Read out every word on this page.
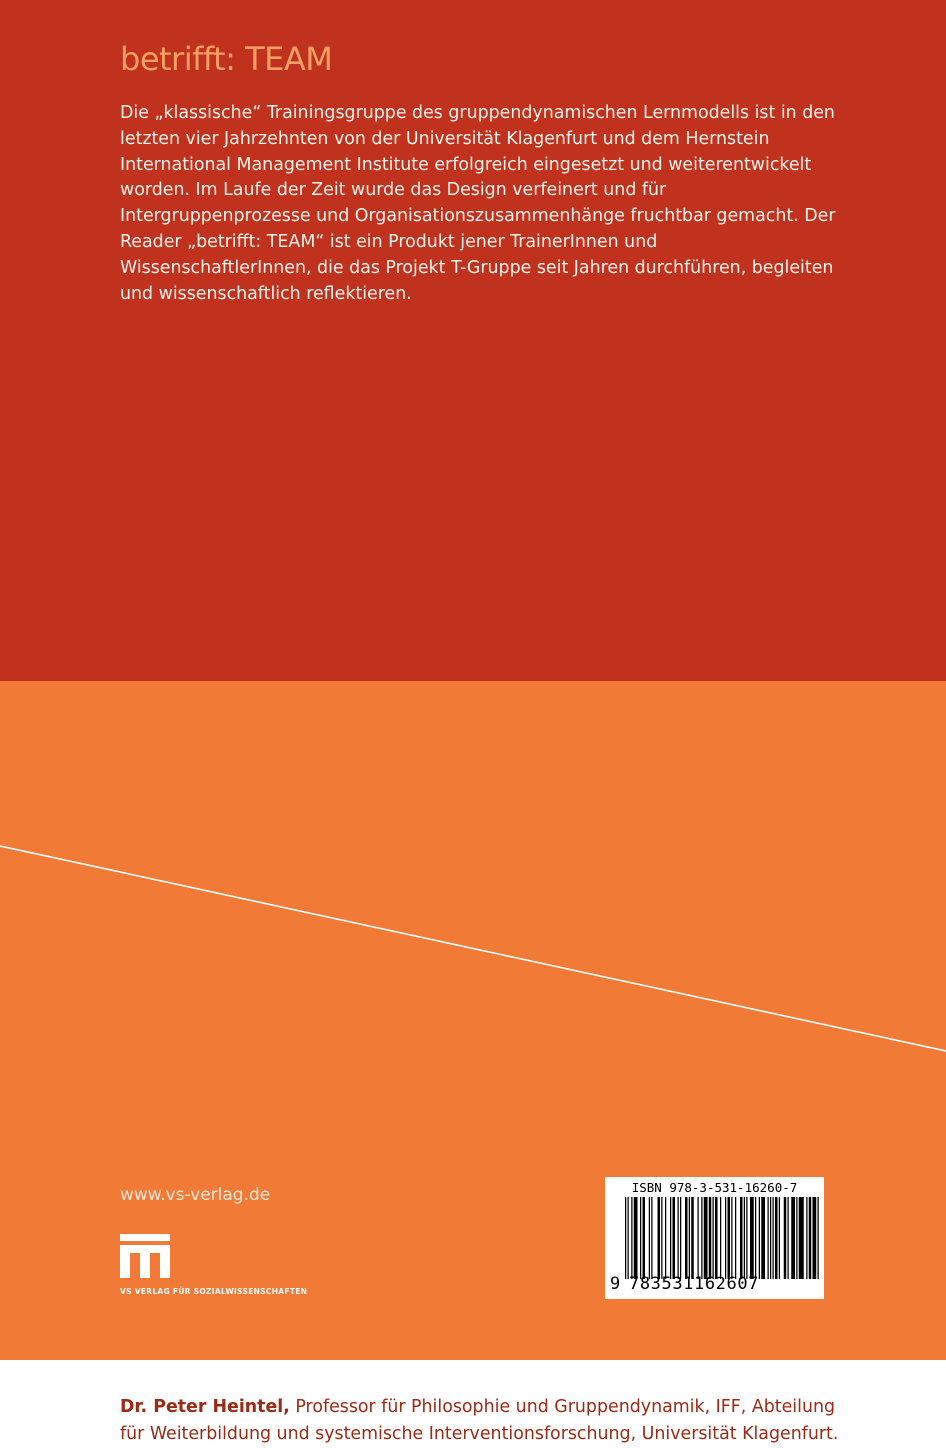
betrifft: TEAM

Die „klassische“ Trainingsgruppe des gruppendynamischen Lernmodells ist in den letzten vier Jahrzehnten von der Universität Klagenfurt und dem Hernstein International Management Institute erfolgreich eingesetzt und weiterentwickelt worden. Im Laufe der Zeit wurde das Design verfeinert und für Intergruppenprozesse und Organisationszusammenhänge fruchtbar gemacht. Der Reader „betrifft: TEAM“ ist ein Produkt jener TrainerInnen und WissenschaftlerInnen, die das Projekt T-Gruppe seit Jahren durchführen, begleiten und wissenschaftlich reflektieren.

Dr. Peter Heintel, Professor für Philosophie und Gruppendynamik, IFF, Abteilung für Weiterbildung und systemische Interventionsforschung, Universität Klagenfurt.

www.vs-verlag.de
VS VERLAG FÜR SOZIALWISSENSCHAFTEN
ISBN 978-3-531-16260-7
9 783531162607
